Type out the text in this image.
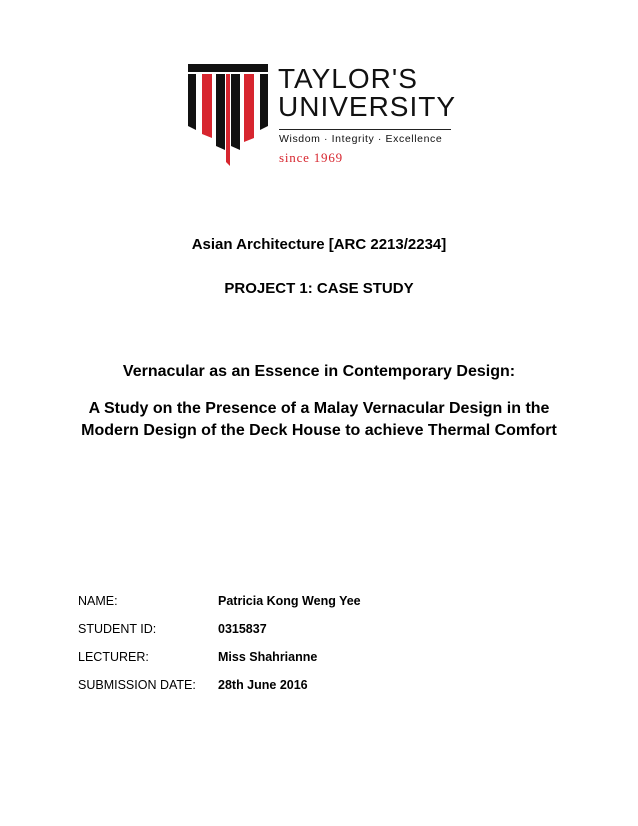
TAYLOR'S
UNIVERSITY
Wisdom · Integrity · Excellence
since 1969
Asian Architecture [ARC 2213/2234]
PROJECT 1: CASE STUDY
Vernacular as an Essence in Contemporary Design:
A Study on the Presence of a Malay Vernacular Design in the Modern Design of the Deck House to achieve Thermal Comfort
NAME:	Patricia Kong Weng Yee
STUDENT ID:	0315837
LECTURER:	Miss Shahrianne
SUBMISSION DATE: 28th June 2016
